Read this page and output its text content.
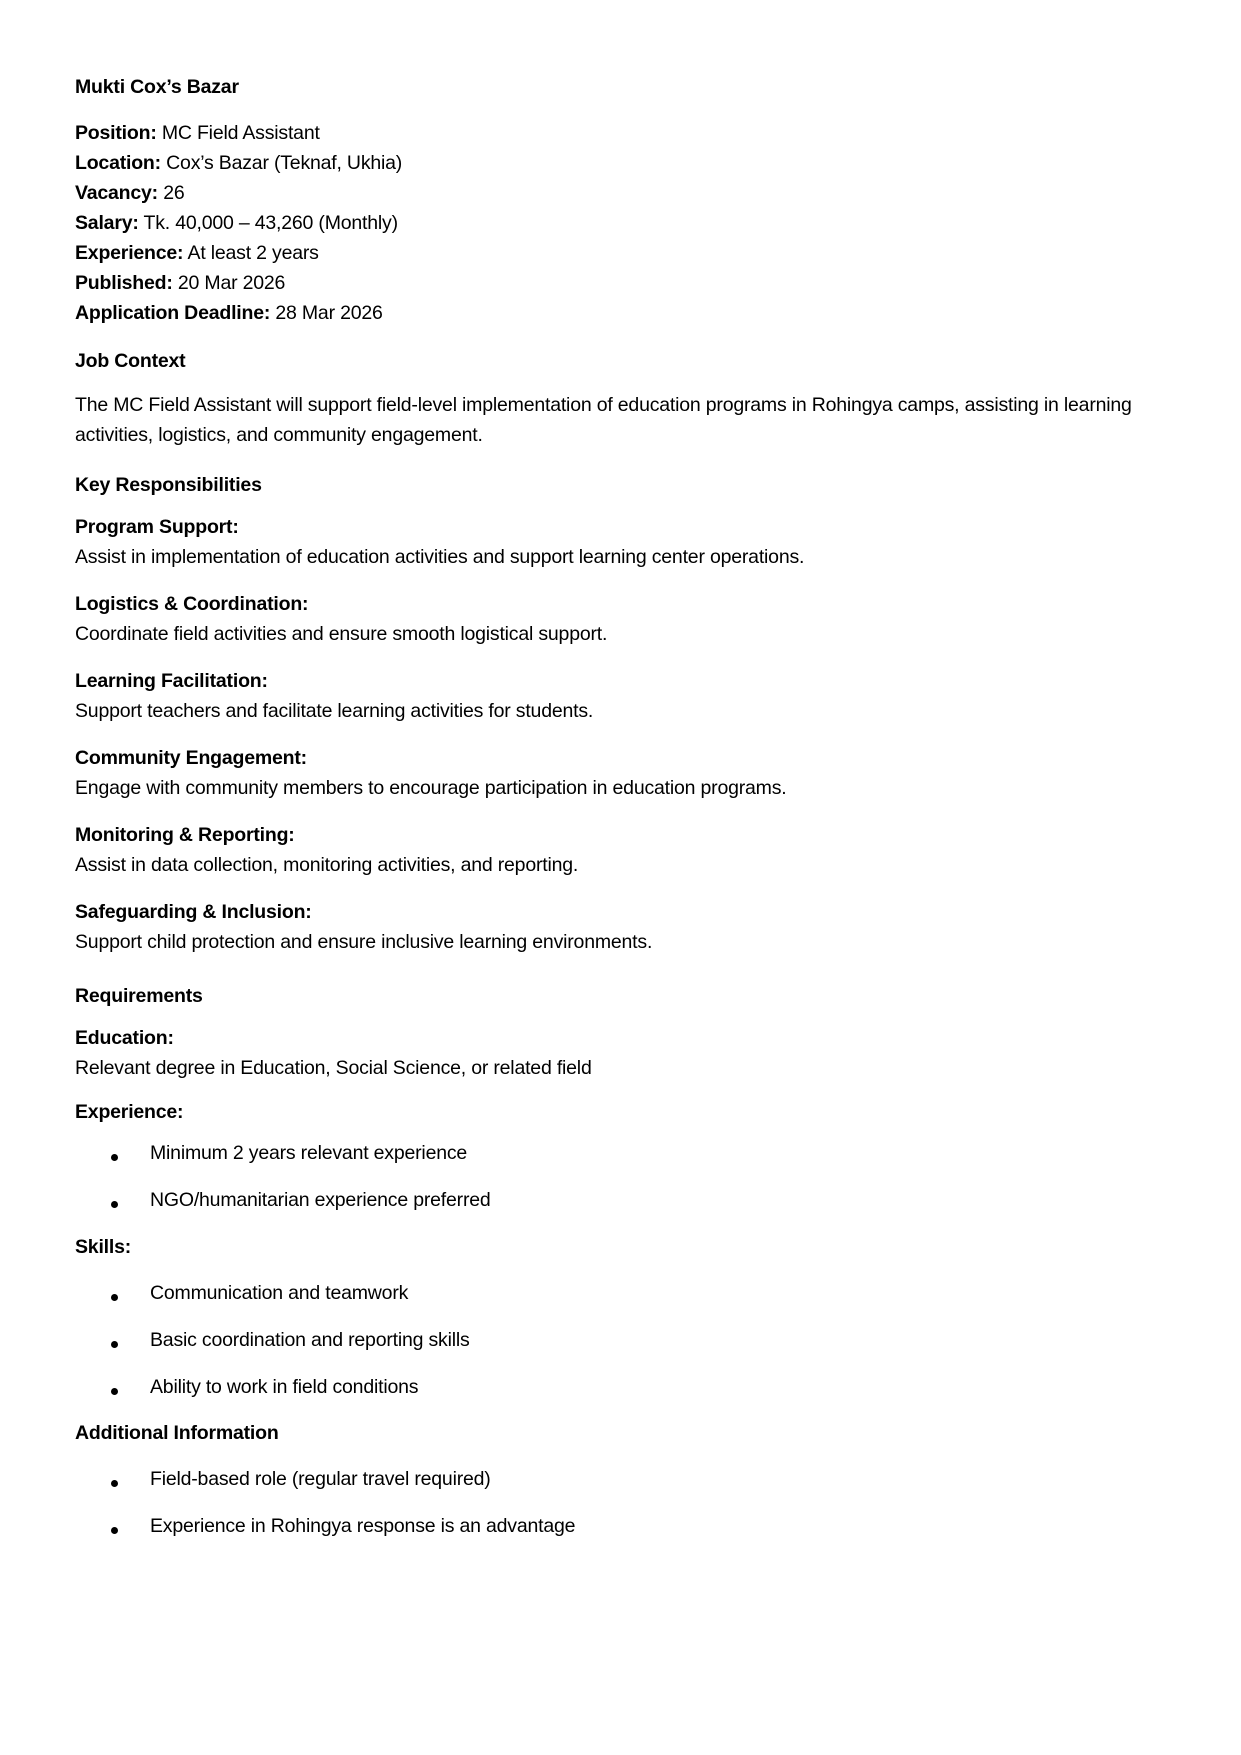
Mukti Cox’s Bazar
Position: MC Field Assistant
Location: Cox’s Bazar (Teknaf, Ukhia)
Vacancy: 26
Salary: Tk. 40,000 – 43,260 (Monthly)
Experience: At least 2 years
Published: 20 Mar 2026
Application Deadline: 28 Mar 2026
Job Context
The MC Field Assistant will support field-level implementation of education programs in Rohingya camps, assisting in learning activities, logistics, and community engagement.
Key Responsibilities
Program Support:
Assist in implementation of education activities and support learning center operations.
Logistics & Coordination:
Coordinate field activities and ensure smooth logistical support.
Learning Facilitation:
Support teachers and facilitate learning activities for students.
Community Engagement:
Engage with community members to encourage participation in education programs.
Monitoring & Reporting:
Assist in data collection, monitoring activities, and reporting.
Safeguarding & Inclusion:
Support child protection and ensure inclusive learning environments.
Requirements
Education:
Relevant degree in Education, Social Science, or related field
Experience:
Minimum 2 years relevant experience
NGO/humanitarian experience preferred
Skills:
Communication and teamwork
Basic coordination and reporting skills
Ability to work in field conditions
Additional Information
Field-based role (regular travel required)
Experience in Rohingya response is an advantage
